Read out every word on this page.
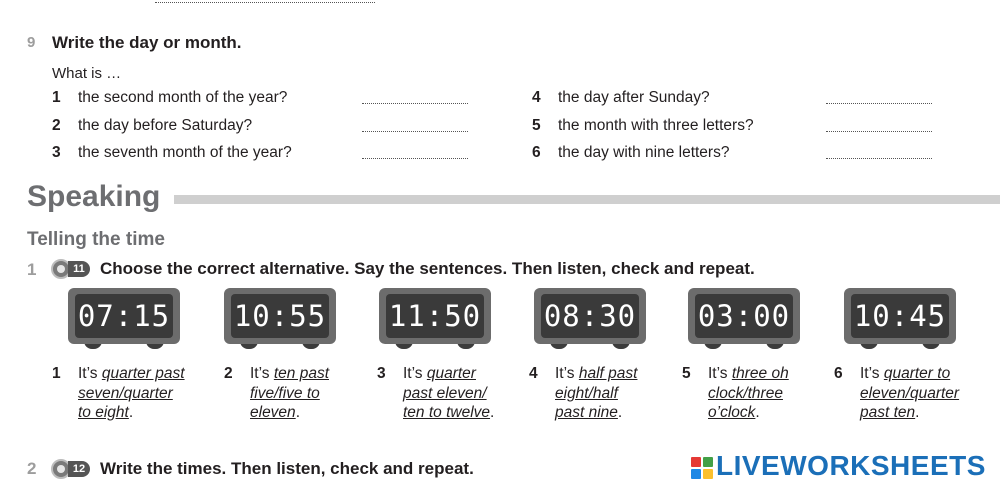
9 Write the day or month.
What is …
1 the second month of the year?
2 the day before Saturday?
3 the seventh month of the year?
4 the day after Sunday?
5 the month with three letters?
6 the day with nine letters?
Speaking
Telling the time
1	11 Choose the correct alternative. Say the sentences. Then listen, check and repeat.
07:15 10:55 11:50 08:30 03:00 10:45
1 It’s quarter past
seven/quarter
to eight.
2 It’s ten past
five/five to
eleven.
3 It’s quarter
past eleven/
ten to twelve.
4 It’s half past
eight/half
past nine.
5 It’s three oh
clock/three
o’clock.
6 It’s quarter to
eleven/quarter
past ten.
2	12 Write the times. Then listen, check and repeat.	LIVEWORKSHEETS
